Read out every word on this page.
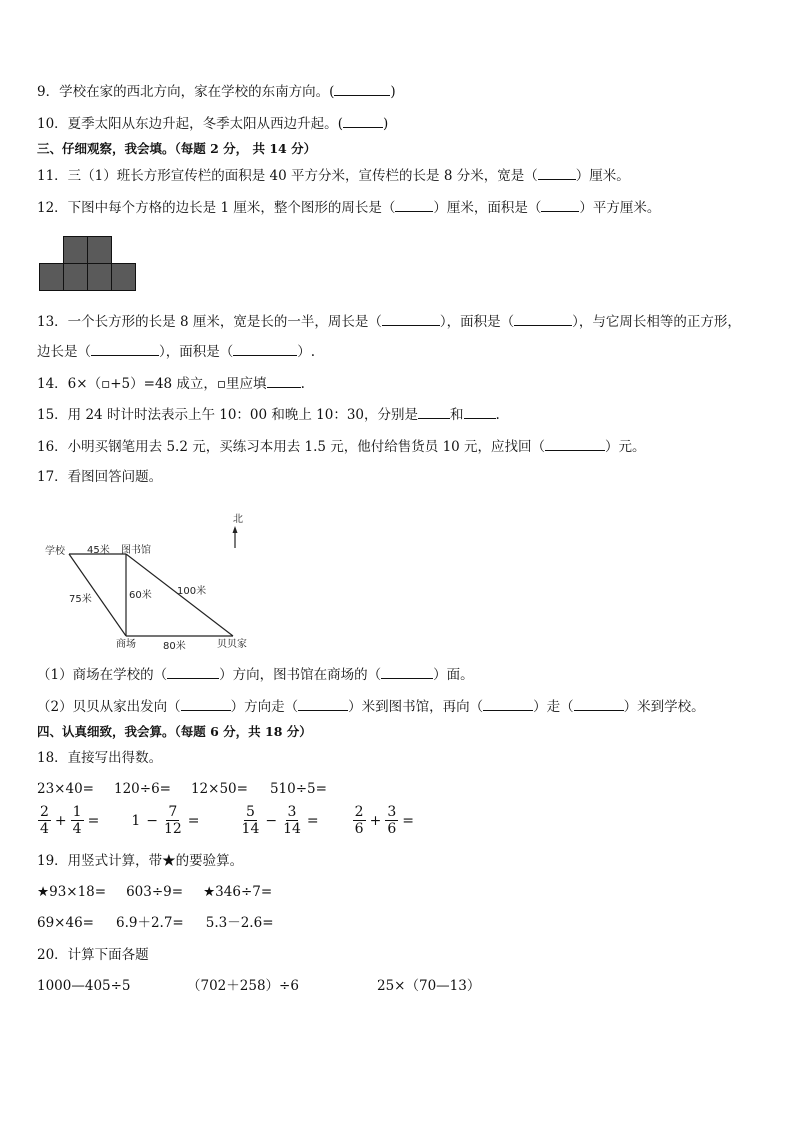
9．学校在家的西北方向，家在学校的东南方向。(	)
10．夏季太阳从东边升起，冬季太阳从西边升起。(	)
三、仔细观察，我会填。（每题 2 分， 共 14 分）
11．三（1）班长方形宣传栏的面积是 40 平方分米，宣传栏的长是 8 分米，宽是（	）厘米。
12．下图中每个方格的边长是 1 厘米，整个图形的周长是（	）厘米，面积是（	）平方厘米。
13．一个长方形的长是 8 厘米，宽是长的一半，周长是（	），面积是（	），与它周长相等的正方形，
边长是（	），面积是（	）.
14．6×（▫+5）=48 成立，▫里应填	.
15．用 24 时计时法表示上午 10：00 和晚上 10：30，分别是 和 .
16．小明买钢笔用去 5.2 元，买练习本用去 1.5 元，他付给售货员 10 元，应找回（	）元。
17．看图回答问题。
北
学校	图书馆
商场	贝贝家
45米
75米	60米	100米
80米
（1）商场在学校的（	）方向，图书馆在商场的（	）面。
（2）贝贝从家出发向（	）方向走（	）米到图书馆，再向（	）走（	）米到学校。
四、认真细致，我会算。（每题 6 分，共 18 分）
18．直接写出得数。
23×40= 120÷6= 12×50= 510÷5=
$\frac{2}{4} + \frac{1}{4} = 1 - \frac{7}{12}$ =	$\frac{5}{14} - \frac{3}{14} = \frac{2}{6} + \frac{3}{6}$ =
19．用竖式计算，带★的要验算。
★93×18= 603÷9= ★346÷7=
69×46= 6.9＋2.7= 5.3－2.6=
20．计算下面各题
1000—405÷5	（702＋258）÷6	25×（70—13）
